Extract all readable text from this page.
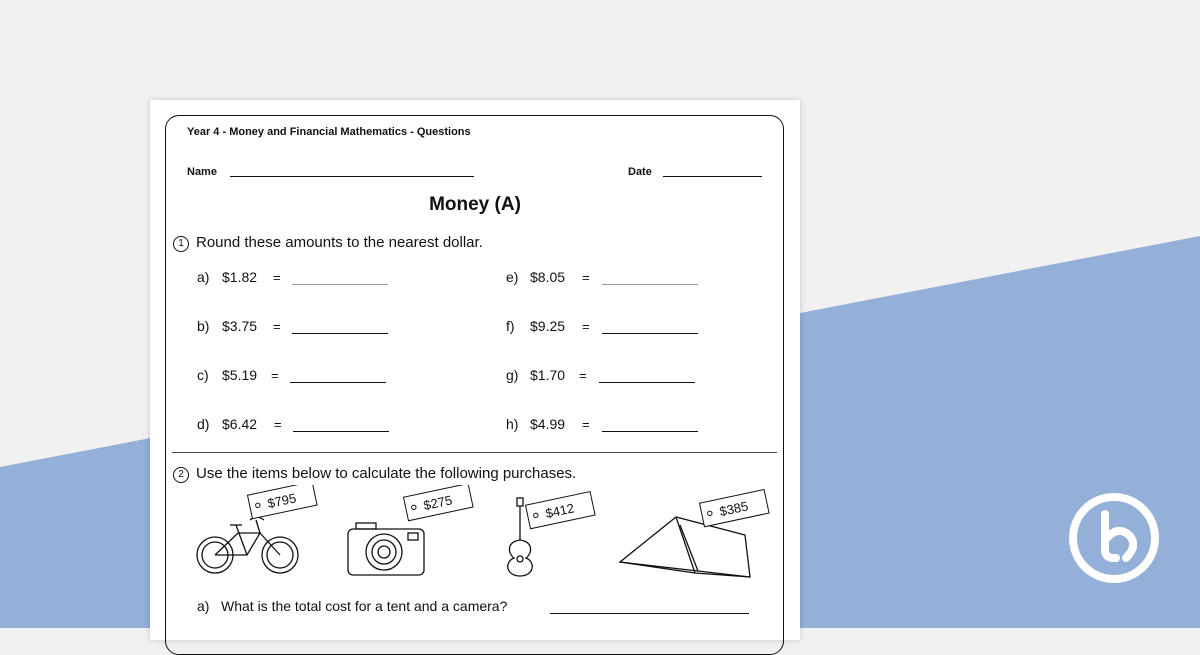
Year 4 - Money and Financial Mathematics - Questions
Name	Date
Money (A)
1 Round these amounts to the nearest dollar.
a) $1.82 =
b) $3.75 =
c) $5.19 =
d) $6.42 =
e) $8.05 =
f) $9.25 =
g) $1.70 =
h) $4.99 =
2 Use the items below to calculate the following purchases.
$795	$275	$412	$385
a) What is the total cost for a tent and a camera?
